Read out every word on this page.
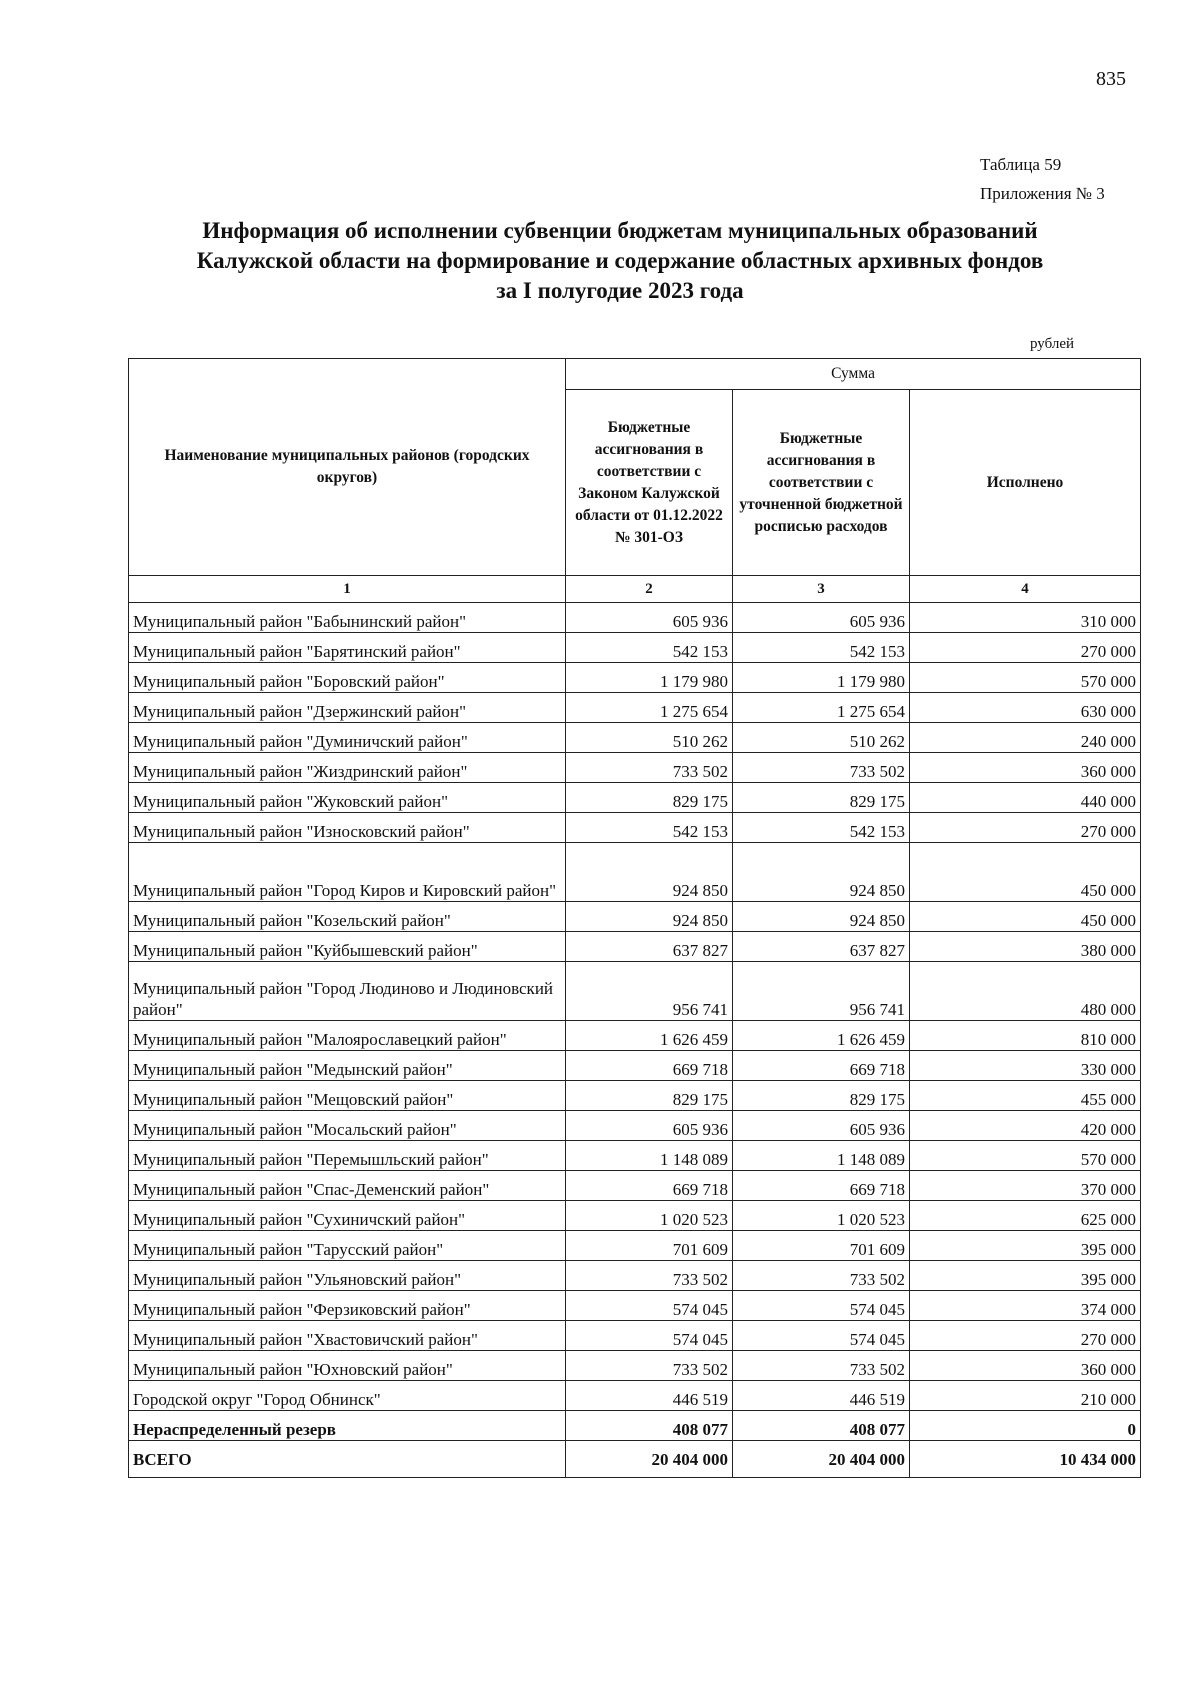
835
Таблица 59
Приложения № 3
Информация об исполнении субвенции бюджетам муниципальных образований
Калужской области на формирование и содержание областных архивных фондов
за I полугодие 2023 года
рублей
Наименование муниципальных районов (городских округов)	Сумма		
	Бюджетные ассигнования в соответствии с Законом Калужской области от 01.12.2022 № 301-ОЗ	Бюджетные ассигнования в соответствии с уточненной бюджетной росписью расходов	Исполнено
1	2	3	4
Муниципальный район "Бабынинский район"	605 936	605 936	310 000
Муниципальный район "Барятинский район"	542 153	542 153	270 000
Муниципальный район "Боровский район"	1 179 980	1 179 980	570 000
Муниципальный район "Дзержинский район"	1 275 654	1 275 654	630 000
Муниципальный район "Думиничский район"	510 262	510 262	240 000
Муниципальный район "Жиздринский район"	733 502	733 502	360 000
Муниципальный район "Жуковский район"	829 175	829 175	440 000
Муниципальный район "Износковский район"	542 153	542 153	270 000
Муниципальный район "Город Киров и Кировский район"	924 850	924 850	450 000
Муниципальный район "Козельский район"	924 850	924 850	450 000
Муниципальный район "Куйбышевский район"	637 827	637 827	380 000
Муниципальный район "Город Людиново и Людиновский район"	956 741	956 741	480 000
Муниципальный район "Малоярославецкий район"	1 626 459	1 626 459	810 000
Муниципальный район "Медынский район"	669 718	669 718	330 000
Муниципальный район "Мещовский район"	829 175	829 175	455 000
Муниципальный район "Мосальский район"	605 936	605 936	420 000
Муниципальный район "Перемышльский район"	1 148 089	1 148 089	570 000
Муниципальный район "Спас-Деменский район"	669 718	669 718	370 000
Муниципальный район "Сухиничский район"	1 020 523	1 020 523	625 000
Муниципальный район "Тарусский район"	701 609	701 609	395 000
Муниципальный район "Ульяновский район"	733 502	733 502	395 000
Муниципальный район "Ферзиковский район"	574 045	574 045	374 000
Муниципальный район "Хвастовичский район"	574 045	574 045	270 000
Муниципальный район "Юхновский район"	733 502	733 502	360 000
Городской округ "Город Обнинск"	446 519	446 519	210 000
Нераспределенный резерв	408 077	408 077	0
ВСЕГО	20 404 000	20 404 000	10 434 000
